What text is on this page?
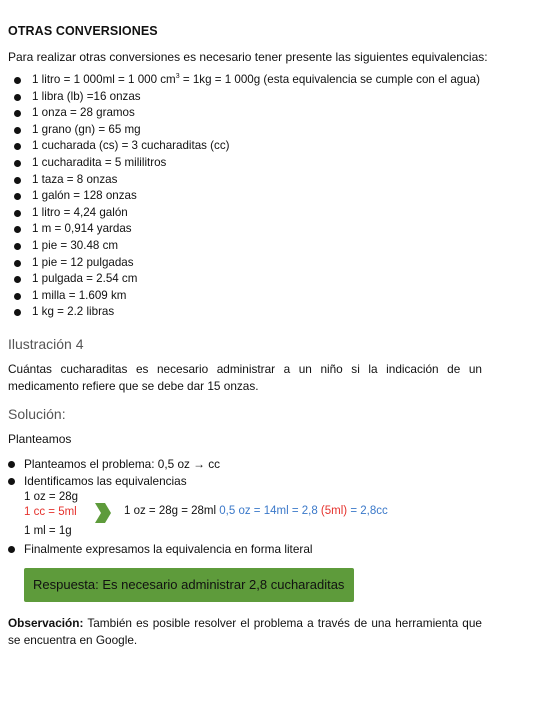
OTRAS CONVERSIONES
Para realizar otras conversiones es necesario tener presente las siguientes equivalencias:
1 litro = 1 000ml = 1 000 $cm^3 = 1kg = 1$ 000g (esta equivalencia se cumple con el agua)
1 libra (lb) =16 onzas
1 onza = 28 gramos
1 grano (gn) = 65 mg
1 cucharada (cs) = 3 cucharaditas (cc)
1 cucharadita = 5 mililitros
1 taza = 8 onzas
1 galón = 128 onzas
1 litro = 4,24 galón
1 m = 0,914 yardas
1 pie = 30.48 cm
1 pie = 12 pulgadas
1 pulgada = 2.54 cm
1 milla = 1.609 km
1 kg = 2.2 libras
Ilustración 4
Cuántas cucharaditas es necesario administrar a un niño si la indicación de un medicamento refiere que se debe dar 15 onzas.
Solución:
Planteamos
Planteamos el problema: 0,5 oz → cc
Identificamos las equivalencias
1 oz = 28g
1 cc = 5ml	1 oz = 28g = 28ml 0,5 oz = 14ml = 2,8 (5ml) = 2,8cc
1 ml = 1g
Finalmente expresamos la equivalencia en forma literal
Respuesta: Es necesario administrar 2,8 cucharaditas
Observación: También es posible resolver el problema a través de una herramienta que se encuentra en Google.
